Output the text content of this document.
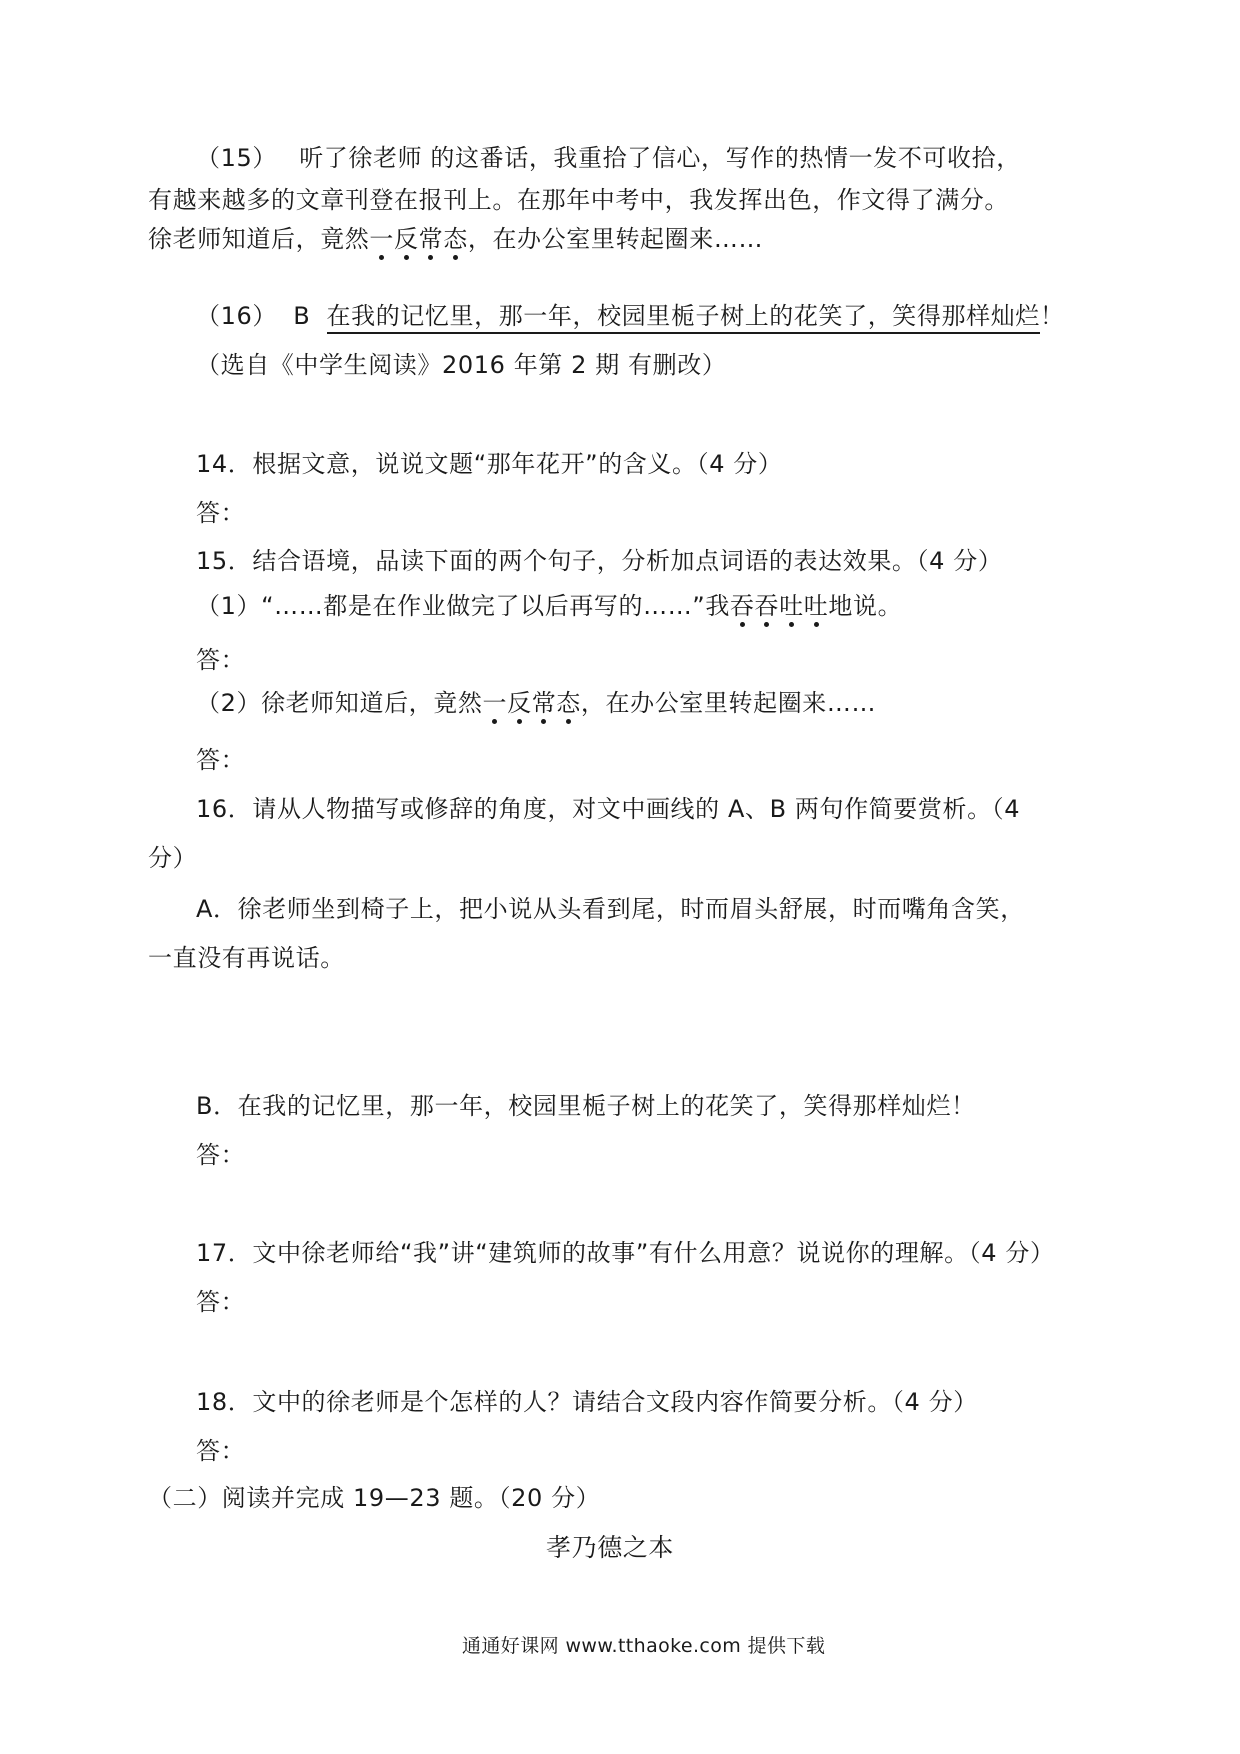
（15） 听了徐老师 的这番话，我重拾了信心，写作的热情一发不可收拾，
有越来越多的文章刊登在报刊上。在那年中考中，我发挥出色，作文得了满分。
徐老师知道后，竟然一反常态，在办公室里转起圈来……
（16） B 在我的记忆里，那一年，校园里栀子树上的花笑了，笑得那样灿烂！
（选自《中学生阅读》2016 年第 2 期 有删改）
14．根据文意，说说文题“那年花开”的含义。（4 分）
答：
15．结合语境，品读下面的两个句子，分析加点词语的表达效果。（4 分）
（1）“……都是在作业做完了以后再写的……”我吞吞吐吐地说。
答：
（2）徐老师知道后，竟然一反常态，在办公室里转起圈来……
答：
16．请从人物描写或修辞的角度，对文中画线的 A、B 两句作简要赏析。（4
分）
A．徐老师坐到椅子上，把小说从头看到尾，时而眉头舒展，时而嘴角含笑，
一直没有再说话。
B．在我的记忆里，那一年，校园里栀子树上的花笑了，笑得那样灿烂！
答：
17．文中徐老师给“我”讲“建筑师的故事”有什么用意？说说你的理解。（4 分）
答：
18．文中的徐老师是个怎样的人？请结合文段内容作简要分析。（4 分）
答：
（二）阅读并完成 19—23 题。（20 分）
孝乃德之本
通通好课网 www.tthaoke.com 提供下载
